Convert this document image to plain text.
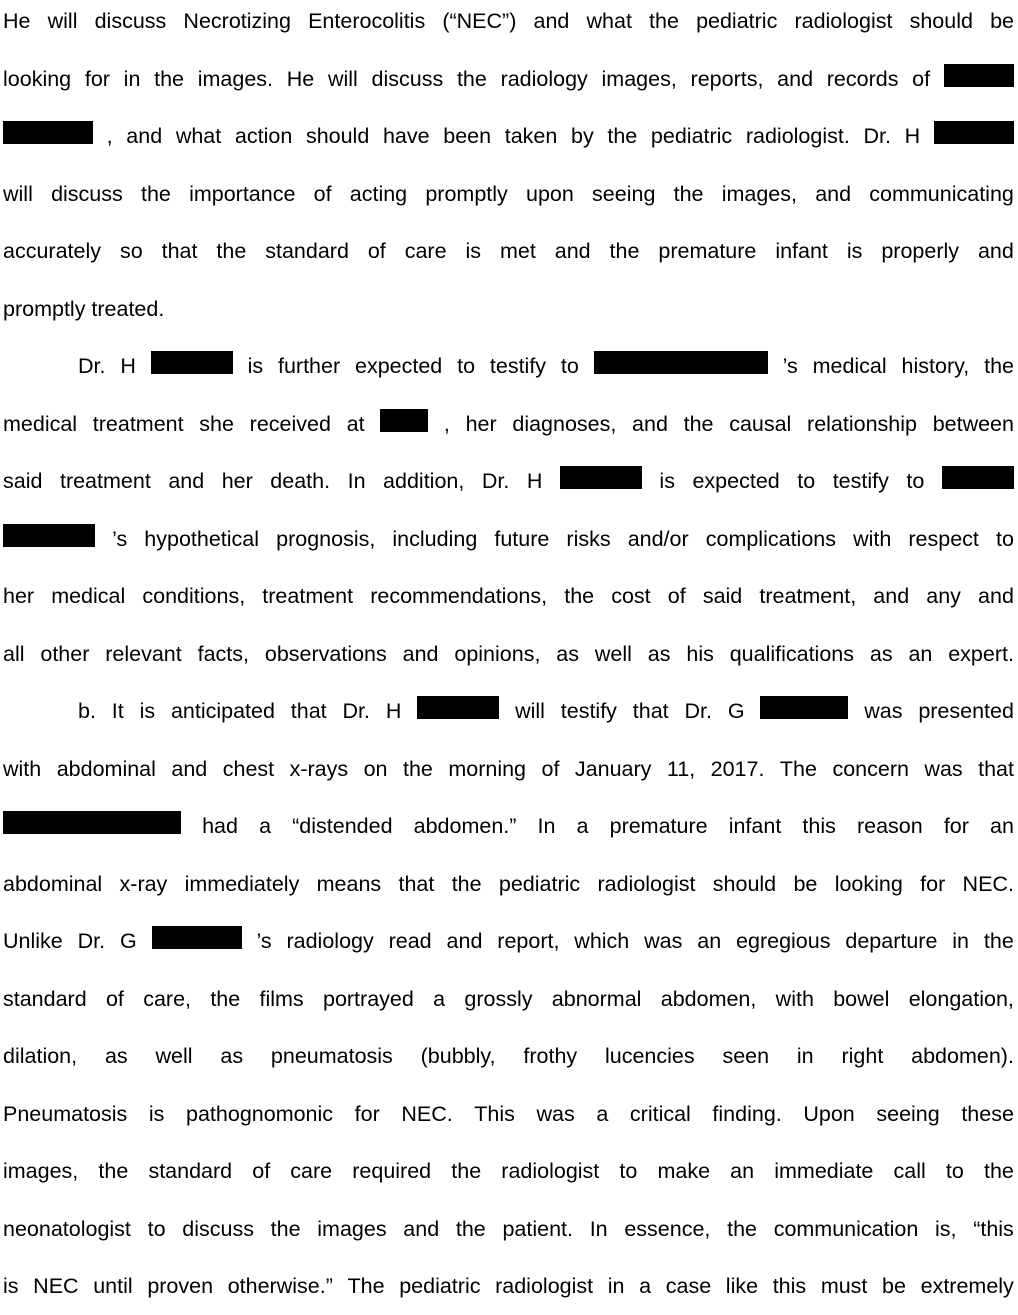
He will discuss Necrotizing Enterocolitis (“NEC”) and what the pediatric radiologist should be
looking for in the images. He will discuss the radiology images, reports, and records of
, and what action should have been taken by the pediatric radiologist. Dr. H
will discuss the importance of acting promptly upon seeing the images, and communicating
accurately so that the standard of care is met and the premature infant is properly and
promptly treated.
Dr. H	is further expected to testify to	’s medical history, the
medical treatment she received at	, her diagnoses, and the causal relationship between
said treatment and her death. In addition, Dr. H	is expected to testify to
’s hypothetical prognosis, including future risks and/or complications with respect to
her medical conditions, treatment recommendations, the cost of said treatment, and any and
all other relevant facts, observations and opinions, as well as his qualifications as an expert.
b. It is anticipated that Dr. H	will testify that Dr. G	was presented
with abdominal and chest x-rays on the morning of January 11, 2017. The concern was that
had a “distended abdomen.” In a premature infant this reason for an
abdominal x-ray immediately means that the pediatric radiologist should be looking for NEC.
Unlike Dr. G	’s radiology read and report, which was an egregious departure in the
standard of care, the films portrayed a grossly abnormal abdomen, with bowel elongation,
dilation, as well as pneumatosis (bubbly, frothy lucencies seen in right abdomen).
Pneumatosis is pathognomonic for NEC. This was a critical finding. Upon seeing these
images, the standard of care required the radiologist to make an immediate call to the
neonatologist to discuss the images and the patient. In essence, the communication is, “this
is NEC until proven otherwise.” The pediatric radiologist in a case like this must be extremely
